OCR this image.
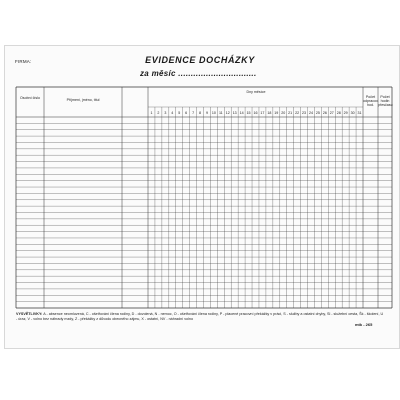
FIRMA:	EVIDENCE DOCHÁZKY
za měsíc ...............................
1 2 3 4 5 6 7 8 9 10 11 12 13 14 15 16 17 18 19 20 21 22 23 24 25 26 27 28 29 30 31
Osobní číslo	Příjmení, jméno, titul
Dny měsíce
Počet odpracov. hod.
Počet hodin přesčasu
VYSVĚTLIVKY: A - absence neomluvená, C - ošetřování člena rodiny, D - dovolená, N - nemoc, O - ošetřování člena rodiny, P - placené pracovní překážky v práci, S - služby a ostatní chyby, Sl - služební cesta, Šk - školení, U - úraz, V - volno bez náhrady mzdy, Z - překážky z důvodu obecného zájmu, X - ostatní, NV - náhradní volno
mtk - 265
